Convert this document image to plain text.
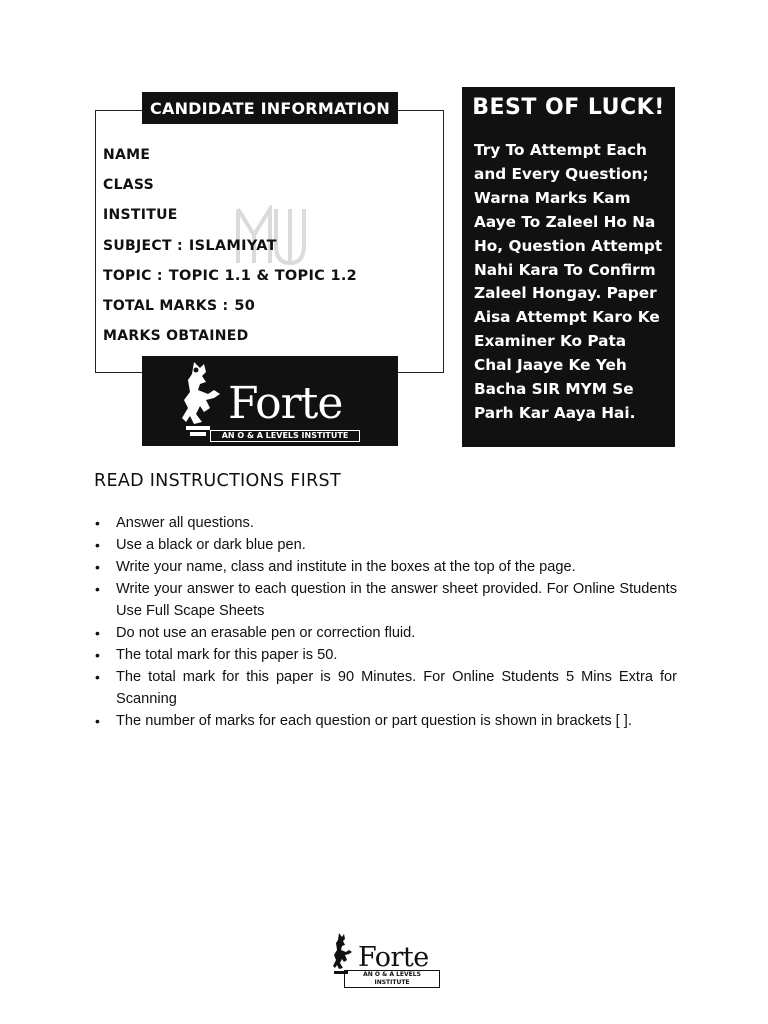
CANDIDATE INFORMATION
NAME
CLASS
INSTITUE
SUBJECT : ISLAMIYAT
TOPIC : TOPIC 1.1 & TOPIC 1.2
TOTAL MARKS : 50
MARKS OBTAINED
Forte
AN O & A LEVELS INSTITUTE
BEST OF LUCK!
Try To Attempt Each
and Every Question;
Warna Marks Kam
Aaye To Zaleel Ho Na
Ho, Question Attempt
Nahi Kara To Confirm
Zaleel Hongay. Paper
Aisa Attempt Karo Ke
Examiner Ko Pata
Chal Jaaye Ke Yeh
Bacha SIR MYM Se
Parh Kar Aaya Hai.
READ INSTRUCTIONS FIRST
• Answer all questions.
• Use a black or dark blue pen.
• Write your name, class and institute in the boxes at the top of the page.
• Write your answer to each question in the answer sheet provided. For Online Students Use Full Scape Sheets
• Do not use an erasable pen or correction fluid.
• The total mark for this paper is 50.
• The total mark for this paper is 90 Minutes. For Online Students 5 Mins Extra for Scanning
• The number of marks for each question or part question is shown in brackets [ ].
Forte
AN O & A LEVELS INSTITUTE
